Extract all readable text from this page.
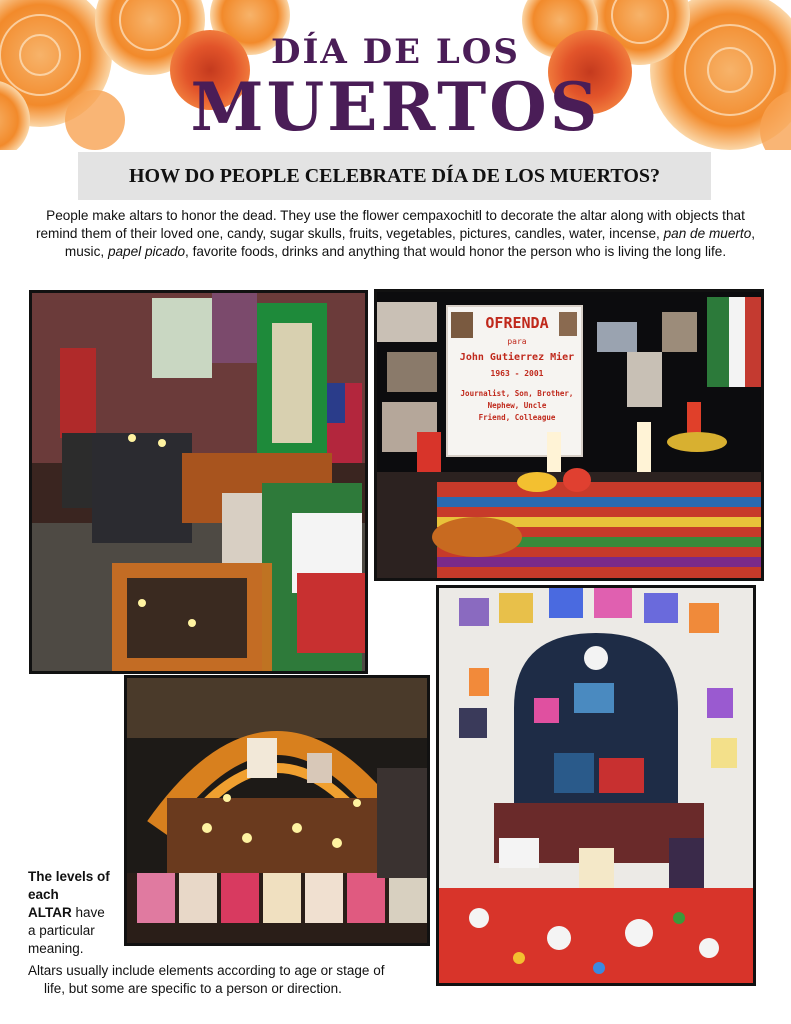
DÍA DE LOS
MUERTOS
HOW DO PEOPLE CELEBRATE DÍA DE LOS MUERTOS?
People make altars to honor the dead. They use the flower cempaxochitl to decorate the altar along with objects that remind them of their loved one, candy, sugar skulls, fruits, vegetables, pictures, candles, water, incense, pan de muerto, music, papel picado, favorite foods, drinks and anything that would honor the person who is living the long life.
OFRENDA
para
John Gutierrez Mier
1963 - 2001
Journalist, Son, Brother,
Nephew, Uncle
Friend, Colleague
The levels of
each
ALTAR have
a particular
meaning.
Altars usually include elements according to age or stage of
life, but some are specific to a person or direction.
